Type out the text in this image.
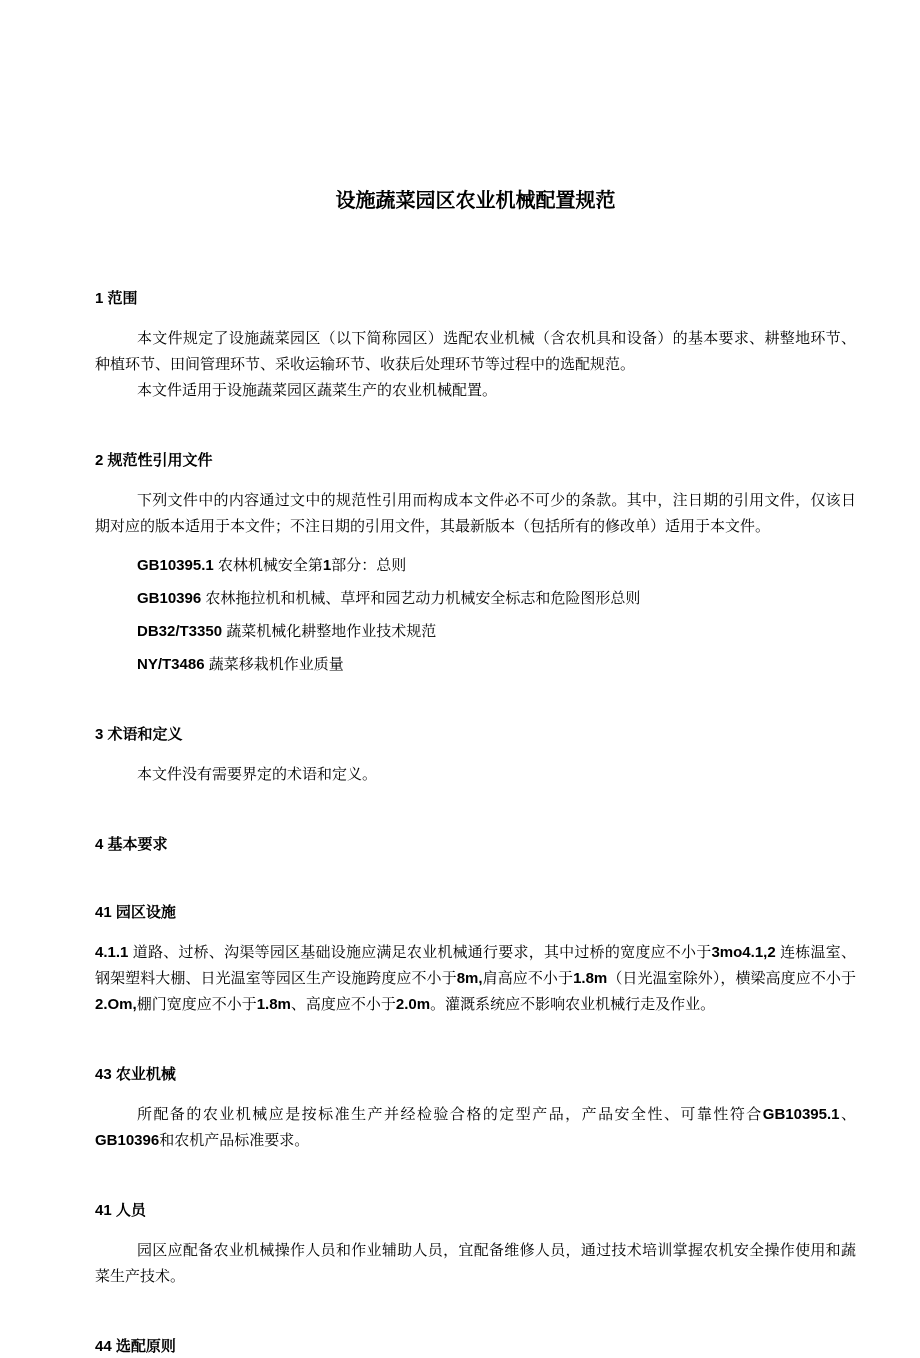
设施蔬菜园区农业机械配置规范
1 范围

本文件规定了设施蔬菜园区（以下简称园区）选配农业机械（含农机具和设备）的基本要求、耕整地环节、种植环节、田间管理环节、采收运输环节、收获后处理环节等过程中的选配规范。

本文件适用于设施蔬菜园区蔬菜生产的农业机械配置。

2 规范性引用文件

下列文件中的内容通过文中的规范性引用而构成本文件必不可少的条款。其中，注日期的引用文件，仅该日期对应的版本适用于本文件；不注日期的引用文件，其最新版本（包括所有的修改单）适用于本文件。

GB10395.1 农林机械安全第1部分：总则

GB10396 农林拖拉机和机械、草坪和园艺动力机械安全标志和危险图形总则

DB32/T3350 蔬菜机械化耕整地作业技术规范

NY/T3486 蔬菜移栽机作业质量

3 术语和定义

本文件没有需要界定的术语和定义。

4 基本要求
41 园区设施

4.1.1 道路、过桥、沟渠等园区基础设施应满足农业机械通行要求，其中过桥的宽度应不小于3mo4.1,2 连栋温室、钢架塑料大棚、日光温室等园区生产设施跨度应不小于8m,肩高应不小于1.8m（日光温室除外），横梁高度应不小于2.Om,棚门宽度应不小于1.8m、高度应不小于2.0m。灌溉系统应不影响农业机械行走及作业。

43 农业机械

所配备的农业机械应是按标准生产并经检验合格的定型产品，产品安全性、可靠性符合GB10395.1、GB10396和农机产品标准要求。

41 人员

园区应配备农业机械操作人员和作业辅助人员，宜配备维修人员，通过技术培训掌握农机安全操作使用和蔬菜生产技术。

44 选配原则
